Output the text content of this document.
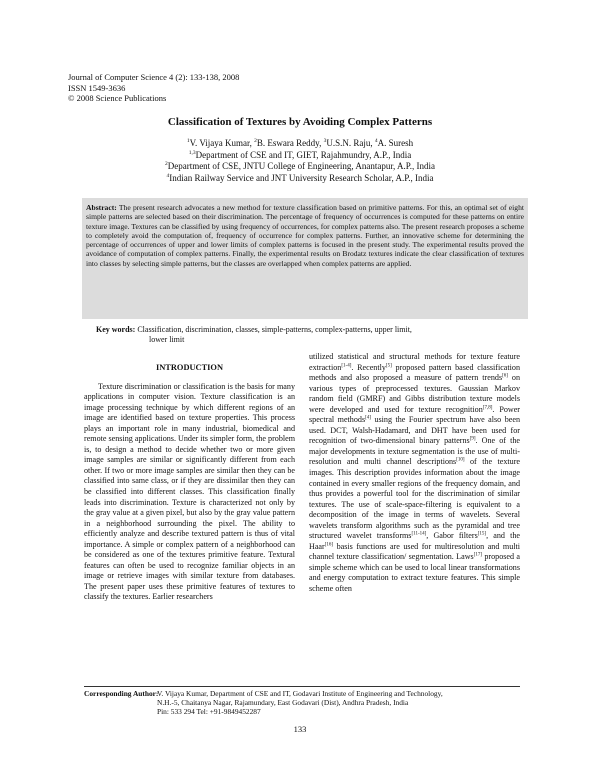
Journal of Computer Science 4 (2): 133-138, 2008
ISSN 1549-3636
© 2008 Science Publications
Classification of Textures by Avoiding Complex Patterns
$^1$V. Vijaya Kumar, $^2$B. Eswara Reddy, $^3$U.S.N. Raju, $^4$A. Suresh
$^{1,3}$Department of CSE and IT, GIET, Rajahmundry, A.P., India
$^2$Department of CSE, JNTU College of Engineering, Anantapur, A.P., India
$^4$Indian Railway Service and JNT University Research Scholar, A.P., India
Abstract: The present research advocates a new method for texture classification based on primitive patterns. For this, an optimal set of eight simple patterns are selected based on their discrimination. The percentage of frequency of occurrences is computed for these patterns on entire texture image. Textures can be classified by using frequency of occurrences, for complex patterns also. The present research proposes a scheme to completely avoid the computation of, frequency of occurrence for complex patterns. Further, an innovative scheme for determining the percentage of occurrences of upper and lower limits of complex patterns is focused in the present study. The experimental results proved the avoidance of computation of complex patterns. Finally, the experimental results on Brodatz textures indicate the clear classification of textures into classes by selecting simple patterns, but the classes are overlapped when complex patterns are applied.
Key words: Classification, discrimination, classes, simple-patterns, complex-patterns, upper limit,
lower limit
INTRODUCTION

Texture discrimination or classification is the basis for many applications in computer vision. Texture classification is an image processing technique by which different regions of an image are identified based on texture properties. This process plays an important role in many industrial, biomedical and remote sensing applications. Under its simpler form, the problem is, to design a method to decide whether two or more given image samples are similar or significantly different from each other. If two or more image samples are similar then they can be classified into same class, or if they are dissimilar then they can be classified into different classes. This classification finally leads into discrimination. Texture is characterized not only by the gray value at a given pixel, but also by the gray value pattern in a neighborhood surrounding the pixel. The ability to efficiently analyze and describe textured pattern is thus of vital importance. A simple or complex pattern of a neighborhood can be considered as one of the textures primitive feature. Textural features can often be used to recognize familiar objects in an image or retrieve images with similar texture from databases. The present paper uses these primitive features of textures to classify the textures. Earlier researchers

utilized statistical and structural methods for texture feature extraction[1-4]. Recently[5] proposed pattern based classification methods and also proposed a measure of pattern trends[6] on various types of preprocessed textures. Gaussian Markov random field (GMRF) and Gibbs distribution texture models were developed and used for texture recognition[7,8]. Power spectral methods[4] using the Fourier spectrum have also been used. DCT, Walsh-Hadamard, and DHT have been used for recognition of two-dimensional binary patterns[9]. One of the major developments in texture segmentation is the use of multi-resolution and multi channel descriptions[10] of the texture images. This description provides information about the image contained in every smaller regions of the frequency domain, and thus provides a powerful tool for the discrimination of similar textures. The use of scale-space-filtering is equivalent to a decomposition of the image in terms of wavelets. Several wavelets transform algorithms such as the pyramidal and tree structured wavelet transforms[11-14], Gabor filters[15], and the Haar[16] basis functions are used for multiresolution and multi channel texture classification/ segmentation. Laws[17] proposed a simple scheme which can be used to local linear transformations and energy computation to extract texture features. This simple scheme often

Corresponding Author:
V. Vijaya Kumar, Department of CSE and IT, Godavari Institute of Engineering and Technology,
N.H.-5, Chaitanya Nagar, Rajamundary, East Godavari (Dist), Andhra Pradesh, India
Pin: 533 294 Tel: +91-9849452287
133
